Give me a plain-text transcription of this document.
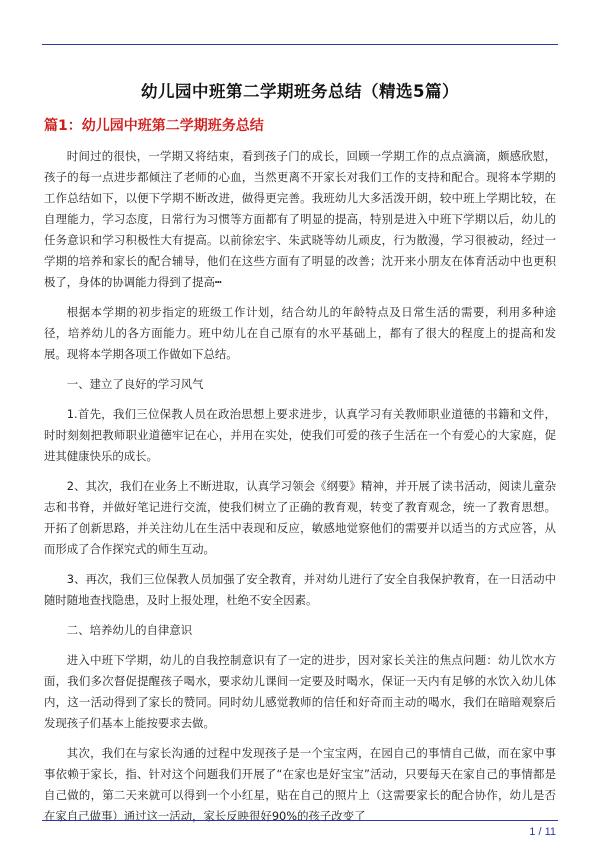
幼儿园中班第二学期班务总结（精选5篇）
篇1：幼儿园中班第二学期班务总结

时间过的很快，一学期又将结束，看到孩子门的成长，回顾一学期工作的点点滴滴，颇感欣慰，孩子的每一点进步都倾注了老师的心血，当然更离不开家长对我们工作的支持和配合。现将本学期的工作总结如下，以便下学期不断改进，做得更完善。我班幼儿大多活泼开朗，较中班上学期比较，在自理能力，学习态度，日常行为习惯等方面都有了明显的提高，特别是进入中班下学期以后，幼儿的任务意识和学习积极性大有提高。以前徐宏宇、朱武晓等幼儿顽皮，行为散漫，学习很被动，经过一学期的培养和家长的配合辅导，他们在这些方面有了明显的改善；沈开来小朋友在体育活动中也更积极了，身体的协调能力得到了提高┅

根据本学期的初步指定的班级工作计划，结合幼儿的年龄特点及日常生活的需要，利用多种途径，培养幼儿的各方面能力。班中幼儿在自己原有的水平基础上，都有了很大的程度上的提高和发展。现将本学期各项工作做如下总结。

一、建立了良好的学习风气

1.首先，我们三位保教人员在政治思想上要求进步，认真学习有关教师职业道德的书籍和文件，时时刻刻把教师职业道德牢记在心，并用在实处，使我们可爱的孩子生活在一个有爱心的大家庭，促进其健康快乐的成长。

2、其次，我们在业务上不断进取，认真学习领会《纲要》精神，并开展了读书活动，阅读儿童杂志和书脊，并做好笔记进行交流，使我们树立了正确的教育观，转变了教育观念，统一了教育思想。开拓了创新思路，并关注幼儿在生活中表现和反应，敏感地觉察他们的需要并以适当的方式应答，从而形成了合作探究式的师生互动。

3、再次，我们三位保教人员加强了安全教育，并对幼儿进行了安全自我保护教育，在一日活动中随时随地查找隐患，及时上报处理，杜绝不安全因素。

二、培养幼儿的自律意识

进入中班下学期，幼儿的自我控制意识有了一定的进步，因对家长关注的焦点问题：幼儿饮水方面，我们多次督促提醒孩子喝水，要求幼儿课间一定要及时喝水，保证一天内有足够的水饮入幼儿体内，这一活动得到了家长的赞同。同时幼儿感觉教师的信任和好奇而主动的喝水，我们在暗暗观察后发现孩子们基本上能按要求去做。

其次，我们在与家长沟通的过程中发现孩子是一个宝宝两，在园自己的事情自己做，而在家中事事依赖于家长，指、针对这个问题我们开展了“在家也是好宝宝”活动，只要每天在家自己的事情都是自己做的，第二天来就可以得到一个小红星，贴在自己的照片上（这需要家长的配合协作，幼儿是否在家自己做事）通过这一活动，家长反映很好90%的孩子改变了

1 / 11
